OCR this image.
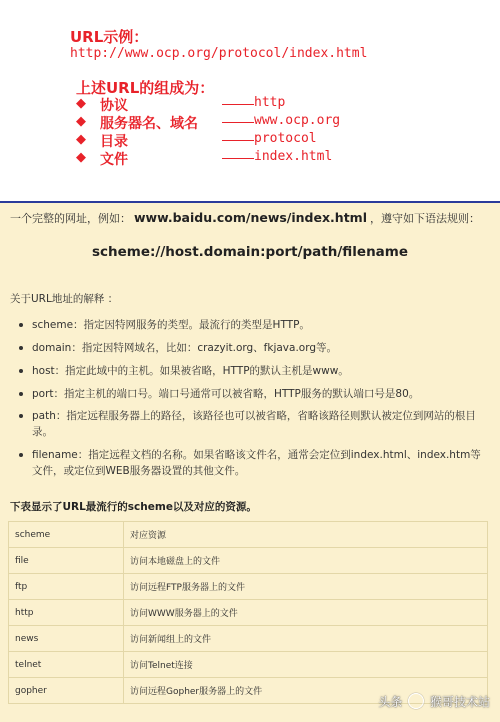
URL示例：
http://www.ocp.org/protocol/index.html
上述URL的组成为：
◆ 协议	http
◆ 服务器名、域名	www.ocp.org
◆ 目录	protocol
◆ 文件	index.html
一个完整的网址，例如： www.baidu.com/news/index.html ，遵守如下语法规则：
scheme://host.domain:port/path/filename
关于URL地址的解释 ：
scheme：指定因特网服务的类型。最流行的类型是HTTP。
domain：指定因特网域名，比如：crazyit.org、fkjava.org等。
host：指定此域中的主机。如果被省略，HTTP的默认主机是www。
port：指定主机的端口号。端口号通常可以被省略，HTTP服务的默认端口号是80。
path：指定远程服务器上的路径，该路径也可以被省略，省略该路径则默认被定位到网站的根目录。
filename：指定远程文档的名称。如果省略该文件名，通常会定位到index.html、index.htm等文件，或定位到WEB服务器设置的其他文件。
下表显示了URL最流行的scheme以及对应的资源。
scheme	对应资源
file	访问本地磁盘上的文件
ftp	访问远程FTP服务器上的文件
http	访问WWW服务器上的文件
news	访问新闻组上的文件
telnet	访问Telnet连接
gopher	访问远程Gopher服务器上的文件
头条 猴哥技术站
